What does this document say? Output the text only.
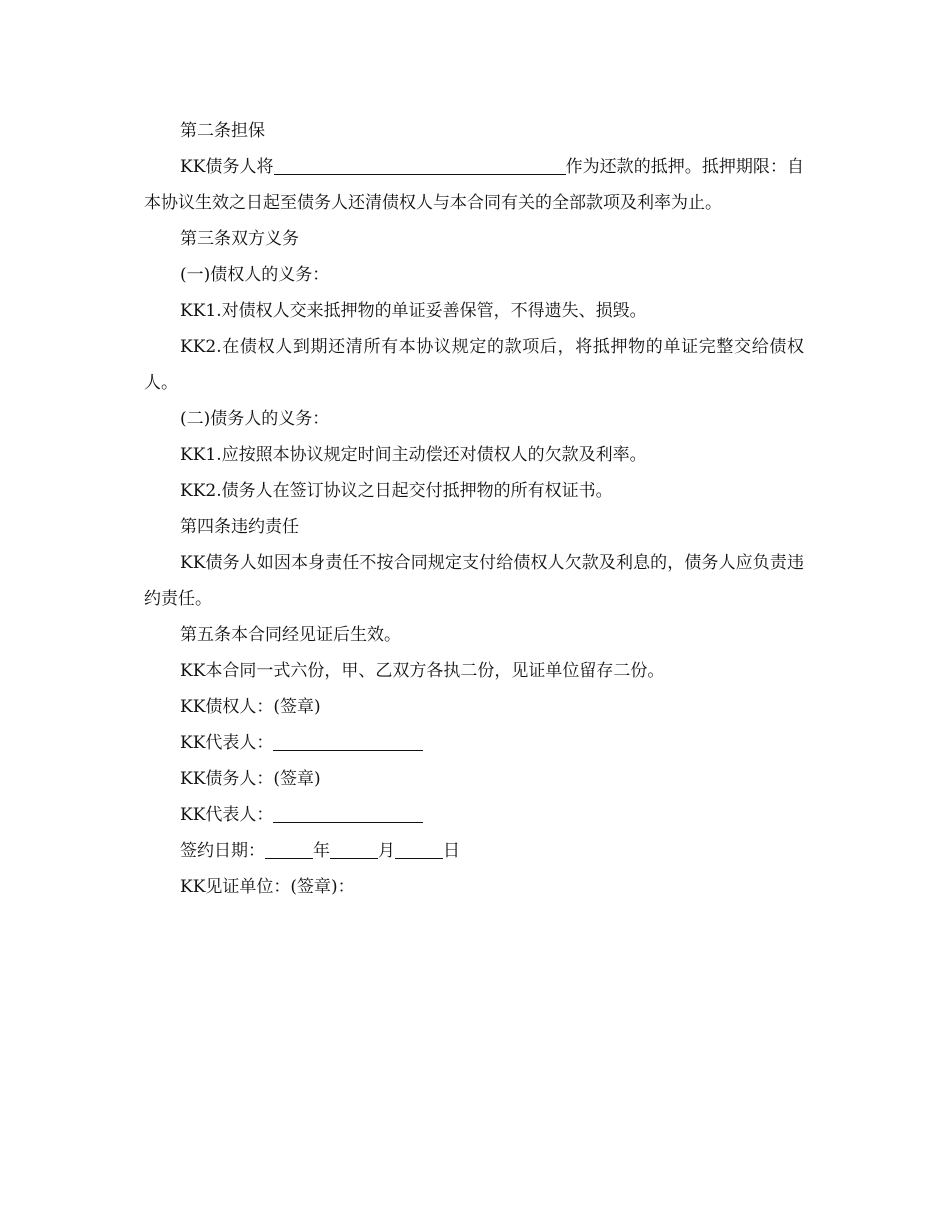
第二条担保

KK债务人将	作为还款的抵押。抵押期限：自本协议生效之日起至债务人还清债权人与本合同有关的全部款项及利率为止。

第三条双方义务

(一)债权人的义务：

KK1.对债权人交来抵押物的单证妥善保管，不得遗失、损毁。

KK2.在债权人到期还清所有本协议规定的款项后，将抵押物的单证完整交给债权人。

(二)债务人的义务：

KK1.应按照本协议规定时间主动偿还对债权人的欠款及利率。

KK2.债务人在签订协议之日起交付抵押物的所有权证书。

第四条违约责任

KK债务人如因本身责任不按合同规定支付给债权人欠款及利息的，债务人应负责违约责任。

第五条本合同经见证后生效。

KK本合同一式六份，甲、乙双方各执二份，见证单位留存二份。

KK债权人：(签章)

KK代表人：

KK债务人：(签章)

KK代表人：

签约日期：	年	月	日

KK见证单位：(签章)：
